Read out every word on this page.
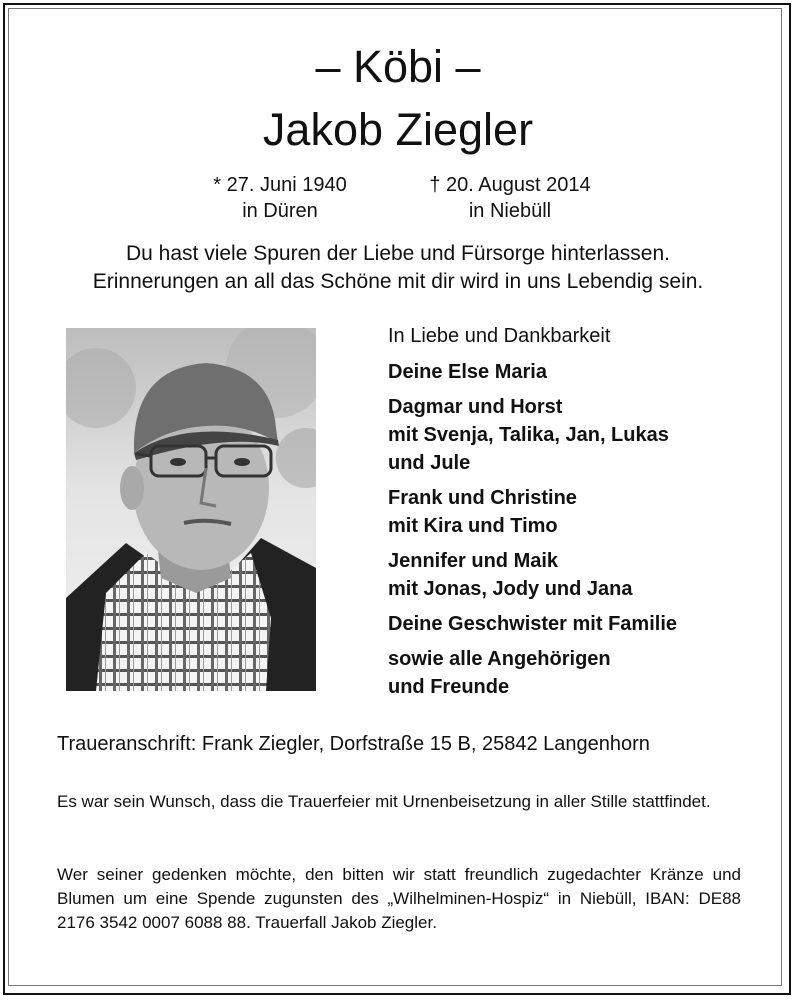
– Köbi –
Jakob Ziegler
* 27. Juni 1940
in Düren
† 20. August 2014
in Niebüll
Du hast viele Spuren der Liebe und Fürsorge hinterlassen.
Erinnerungen an all das Schöne mit dir wird in uns Lebendig sein.
In Liebe und Dankbarkeit
Deine Else Maria
Dagmar und Horst
mit Svenja, Talika, Jan, Lukas
und Jule
Frank und Christine
mit Kira und Timo
Jennifer und Maik
mit Jonas, Jody und Jana
Deine Geschwister mit Familie
sowie alle Angehörigen
und Freunde
Traueranschrift: Frank Ziegler, Dorfstraße 15 B, 25842 Langenhorn
Es war sein Wunsch, dass die Trauerfeier mit Urnenbeisetzung in aller Stille stattfindet.
Wer seiner gedenken möchte, den bitten wir statt freundlich zugedachter Kränze und Blumen um eine Spende zugunsten des „Wilhelminen-Hospiz“ in Niebüll, IBAN: DE88 2176 3542 0007 6088 88. Trauerfall Jakob Ziegler.
